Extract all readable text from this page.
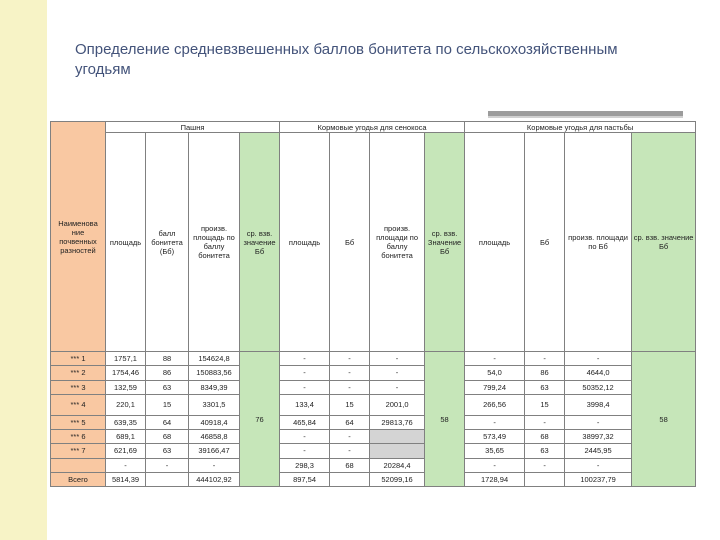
Определение средневзвешенных баллов бонитета по сельскохозяйственным угодьям
Наименова ние почвенных разностей	Пашня				Кормовые угодья для сенокоса				Кормовые угодья для пастьбы			
	площадь	балл бонитета (Бб)	произв. площадь по баллу бонитета	ср. взв. значение Бб	площадь	Бб	произв. площади по баллу бонитета	ср. взв. Значение Бб	площадь	Бб	произв. площади по Бб	ср. взв. значение Бб
*** 1	1757,1	88	154624,8	76	-	-	-	58	-	-	-	58
*** 2	1754,46	86	150883,56		-	-	-		54,0	86	4644,0	
*** 3	132,59	63	8349,39		-	-	-		799,24	63	50352,12	
*** 4	220,1	15	3301,5		133,4	15	2001,0		266,56	15	3998,4	
*** 5	639,35	64	40918,4		465,84	64	29813,76		-	-	-	
*** 6	689,1	68	46858,8		-	-			573,49	68	38997,32	
*** 7	621,69	63	39166,47		-	-			35,65	63	2445,95	
	-	-	-		298,3	68	20284,4		-	-	-	
Всего	5814,39		444102,92		897,54		52099,16		1728,94		100237,79	
